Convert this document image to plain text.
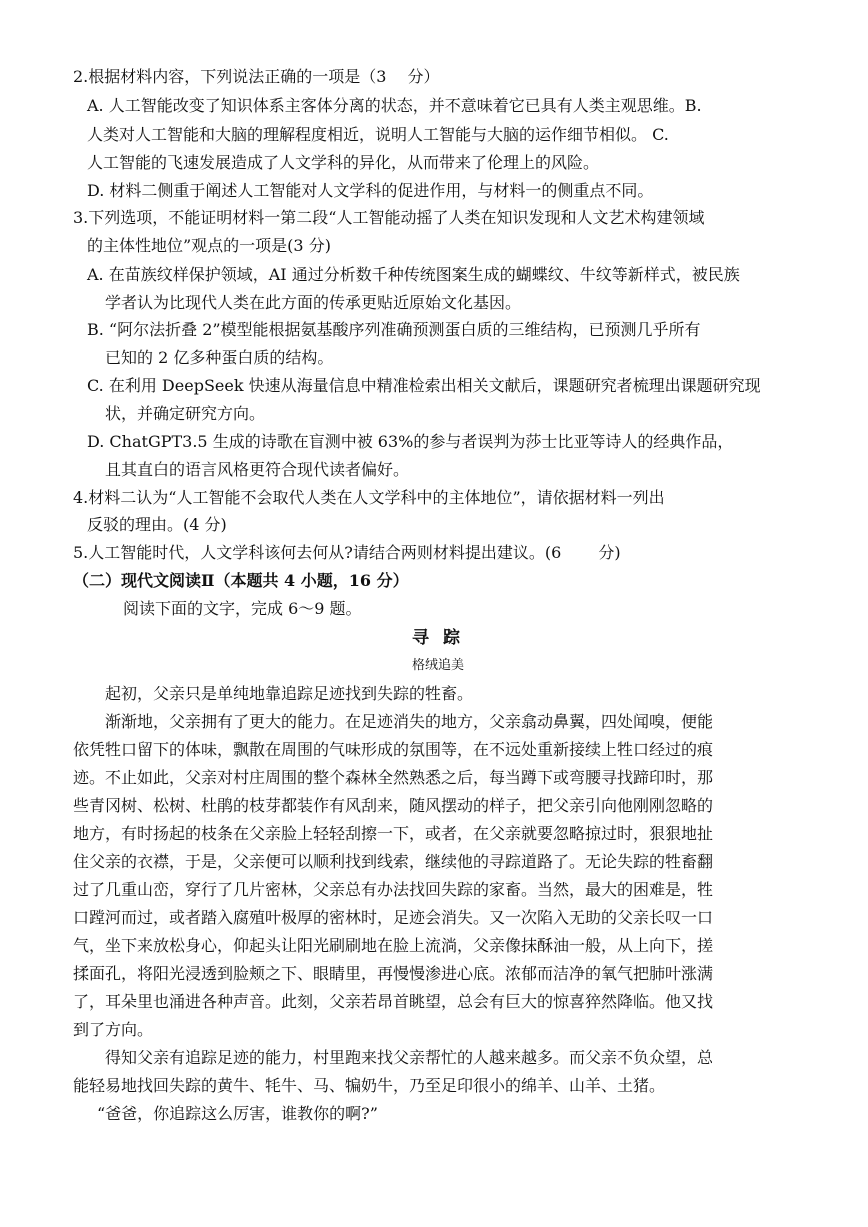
2.根据材料内容，下列说法正确的一项是（3　 分）
A. 人工智能改变了知识体系主客体分离的状态，并不意味着它已具有人类主观思维。B.
人类对人工智能和大脑的理解程度相近，说明人工智能与大脑的运作细节相似。 C.
人工智能的飞速发展造成了人文学科的异化，从而带来了伦理上的风险。
D. 材料二侧重于阐述人工智能对人文学科的促进作用，与材料一的侧重点不同。
3.下列选项，不能证明材料一第二段“人工智能动摇了人类在知识发现和人文艺术构建领域
的主体性地位”观点的一项是(3 分)
A. 在苗族纹样保护领域，AI 通过分析数千种传统图案生成的蝴蝶纹、牛纹等新样式，被民族
学者认为比现代人类在此方面的传承更贴近原始文化基因。
B. “阿尔法折叠 2”模型能根据氨基酸序列准确预测蛋白质的三维结构，已预测几乎所有
已知的 2 亿多种蛋白质的结构。
C. 在利用 DeepSeek 快速从海量信息中精准检索出相关文献后，课题研究者梳理出课题研究现
状，并确定研究方向。
D. ChatGPT3.5 生成的诗歌在盲测中被 63%的参与者误判为莎士比亚等诗人的经典作品，
且其直白的语言风格更符合现代读者偏好。
4.材料二认为“人工智能不会取代人类在人文学科中的主体地位”，请依据材料一列出
反驳的理由。(4 分)
5.人工智能时代，人文学科该何去何从?请结合两则材料提出建议。(6　　 分)
（二）现代文阅读Ⅱ（本题共 4 小题，16 分）
阅读下面的文字，完成 6～9 题。
寻踪
格绒追美
起初，父亲只是单纯地靠追踪足迹找到失踪的牲畜。
渐渐地，父亲拥有了更大的能力。在足迹消失的地方，父亲翕动鼻翼，四处闻嗅，便能
依凭牲口留下的体味，飘散在周围的气味形成的氛围等，在不远处重新接续上牲口经过的痕
迹。不止如此，父亲对村庄周围的整个森林全然熟悉之后，每当蹲下或弯腰寻找蹄印时，那
些青冈树、松树、杜鹃的枝芽都装作有风刮来，随风摆动的样子，把父亲引向他刚刚忽略的
地方，有时扬起的枝条在父亲脸上轻轻刮擦一下，或者，在父亲就要忽略掠过时，狠狠地扯
住父亲的衣襟，于是，父亲便可以顺利找到线索，继续他的寻踪道路了。无论失踪的牲畜翻
过了几重山峦，穿行了几片密林，父亲总有办法找回失踪的家畜。当然，最大的困难是，牲
口蹚河而过，或者踏入腐殖叶极厚的密林时，足迹会消失。又一次陷入无助的父亲长叹一口
气，坐下来放松身心，仰起头让阳光刷刷地在脸上流淌，父亲像抹酥油一般，从上向下，搓
揉面孔，将阳光浸透到脸颊之下、眼睛里，再慢慢渗进心底。浓郁而洁净的氧气把肺叶涨满
了，耳朵里也涌进各种声音。此刻，父亲若昂首眺望，总会有巨大的惊喜猝然降临。他又找
到了方向。
得知父亲有追踪足迹的能力，村里跑来找父亲帮忙的人越来越多。而父亲不负众望，总
能轻易地找回失踪的黄牛、牦牛、马、犏奶牛，乃至足印很小的绵羊、山羊、土猪。
“爸爸，你追踪这么厉害，谁教你的啊?”
